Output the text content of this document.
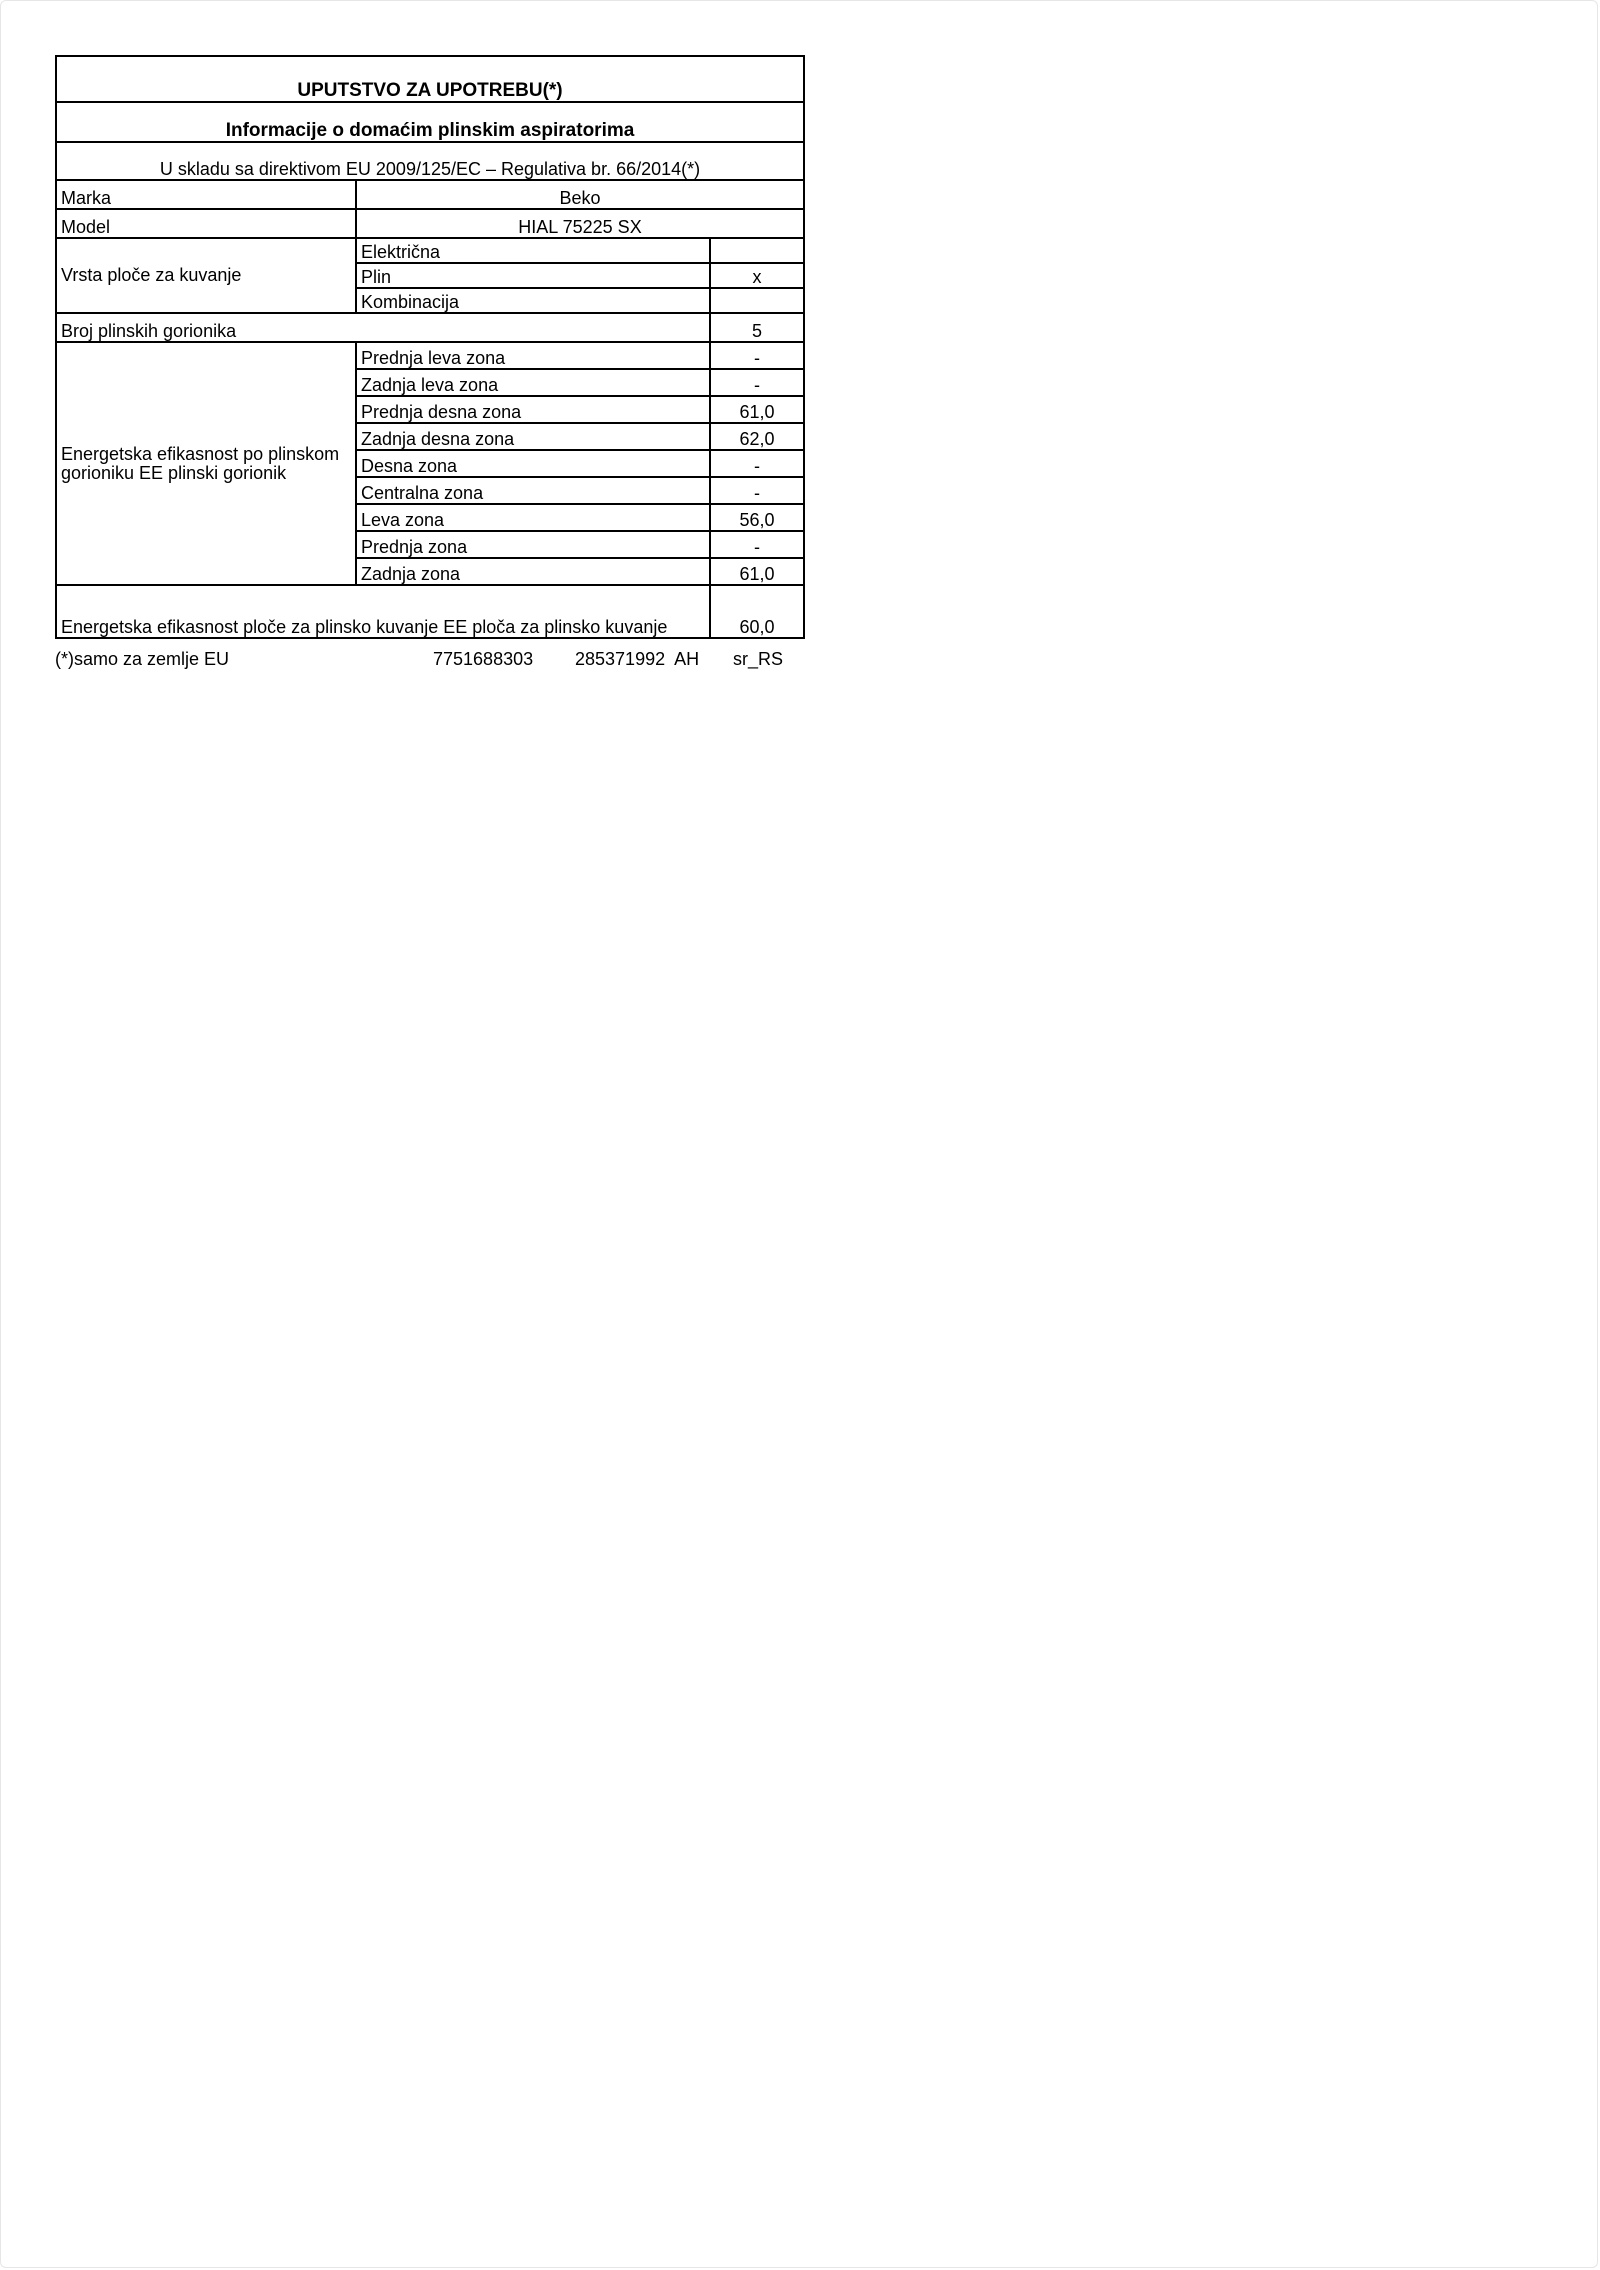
UPUTSTVO ZA UPOTREBU(*)		
Informacije o domaćim plinskim aspiratorima		
U skladu sa direktivom EU 2009/125/EC – Regulativa br. 66/2014(*)		
Marka	Beko	
Model	HIAL 75225 SX	
Vrsta ploče za kuvanje	Električna	
	Plin	x
	Kombinacija	
Broj plinskih gorionika		5
Energetska efikasnost po plinskom gorioniku EE plinski gorionik	Prednja leva zona	-
	Zadnja leva zona	-
	Prednja desna zona	61,0
	Zadnja desna zona	62,0
	Desna zona	-
	Centralna zona	-
	Leva zona	56,0
	Prednja zona	-
	Zadnja zona	61,0
Energetska efikasnost ploče za plinsko kuvanje EE ploča za plinsko kuvanje		60,0
(*)samo za zemlje EU	7751688303 285371992  AH sr_RS
